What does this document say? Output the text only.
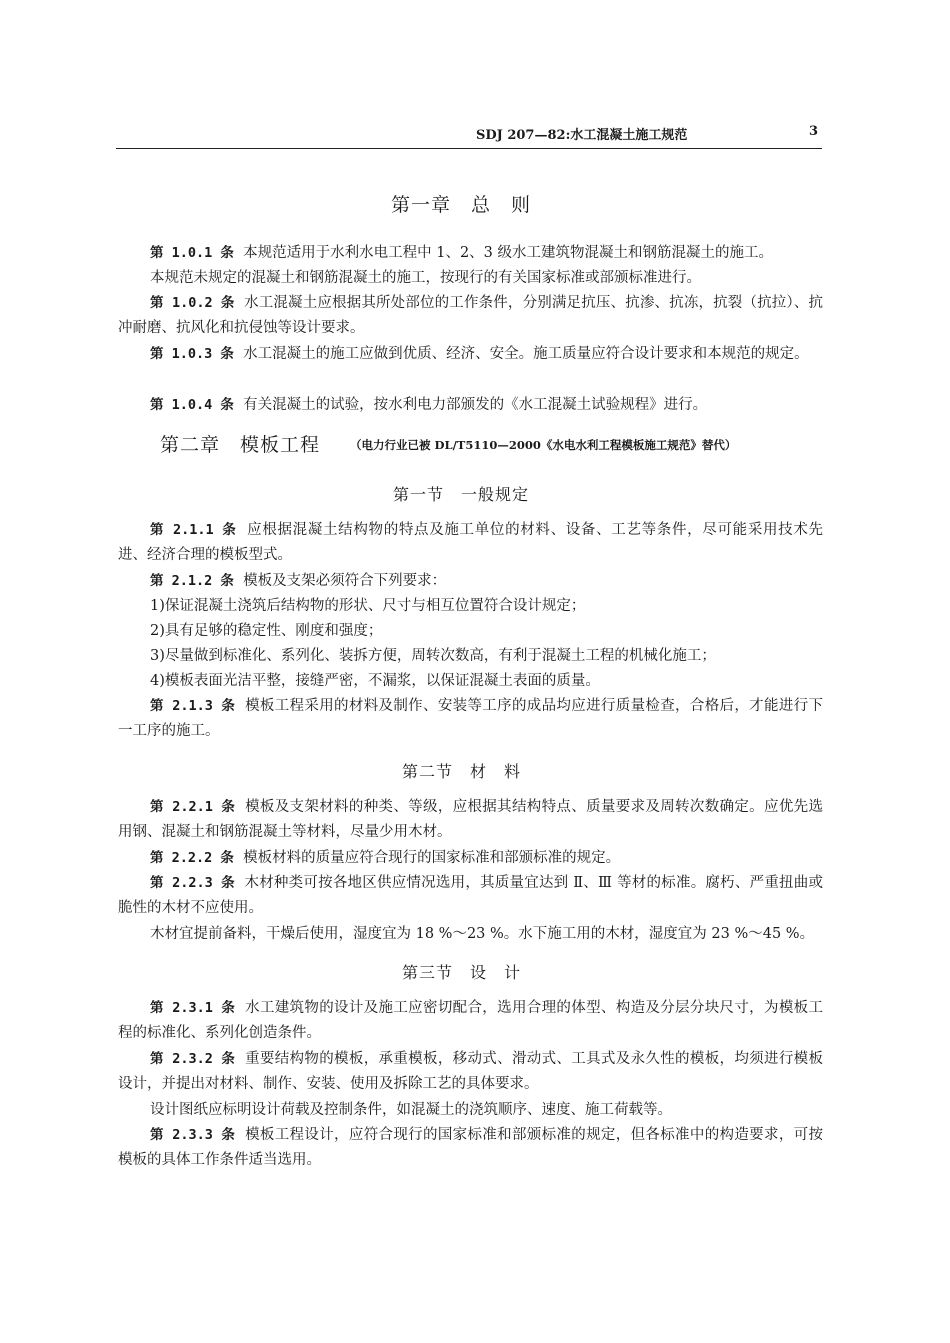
SDJ 207—82:水工混凝土施工规范	3
第一章　总　则
第 1.0.1 条 本规范适用于水利水电工程中 1、2、3 级水工建筑物混凝土和钢筋混凝土的施工。
本规范未规定的混凝土和钢筋混凝土的施工，按现行的有关国家标准或部颁标准进行。
第 1.0.2 条 水工混凝土应根据其所处部位的工作条件，分别满足抗压、抗渗、抗冻，抗裂（抗拉）、抗冲耐磨、抗风化和抗侵蚀等设计要求。
第 1.0.3 条 水工混凝土的施工应做到优质、经济、安全。施工质量应符合设计要求和本规范的规定。
第 1.0.4 条 有关混凝土的试验，按水利电力部颁发的《水工混凝土试验规程》进行。
第二章　模板工程	（电力行业已被 DL/T5110—2000《水电水利工程模板施工规范》替代）
第一节　一般规定
第 2.1.1 条 应根据混凝土结构物的特点及施工单位的材料、设备、工艺等条件，尽可能采用技术先进、经济合理的模板型式。
第 2.1.2 条 模板及支架必须符合下列要求：
1)保证混凝土浇筑后结构物的形状、尺寸与相互位置符合设计规定；
2)具有足够的稳定性、刚度和强度；
3)尽量做到标准化、系列化、装拆方便，周转次数高，有利于混凝土工程的机械化施工；
4)模板表面光洁平整，接缝严密，不漏浆，以保证混凝土表面的质量。
第 2.1.3 条 模板工程采用的材料及制作、安装等工序的成品均应进行质量检查，合格后，才能进行下一工序的施工。
第二节　材　料
第 2.2.1 条 模板及支架材料的种类、等级，应根据其结构特点、质量要求及周转次数确定。应优先选用钢、混凝土和钢筋混凝土等材料，尽量少用木材。
第 2.2.2 条 模板材料的质量应符合现行的国家标准和部颁标准的规定。
第 2.2.3 条 木材种类可按各地区供应情况选用，其质量宜达到 Ⅱ、Ⅲ 等材的标准。腐朽、严重扭曲或脆性的木材不应使用。
木材宜提前备料，干燥后使用，湿度宜为 18 %～23 %。水下施工用的木材，湿度宜为 23 %～45 %。
第三节　设　计
第 2.3.1 条 水工建筑物的设计及施工应密切配合，选用合理的体型、构造及分层分块尺寸，为模板工程的标准化、系列化创造条件。
第 2.3.2 条 重要结构物的模板，承重模板，移动式、滑动式、工具式及永久性的模板，均须进行模板设计，并提出对材料、制作、安装、使用及拆除工艺的具体要求。
设计图纸应标明设计荷载及控制条件，如混凝土的浇筑顺序、速度、施工荷载等。
第 2.3.3 条 模板工程设计，应符合现行的国家标准和部颁标准的规定，但各标准中的构造要求，可按模板的具体工作条件适当选用。
